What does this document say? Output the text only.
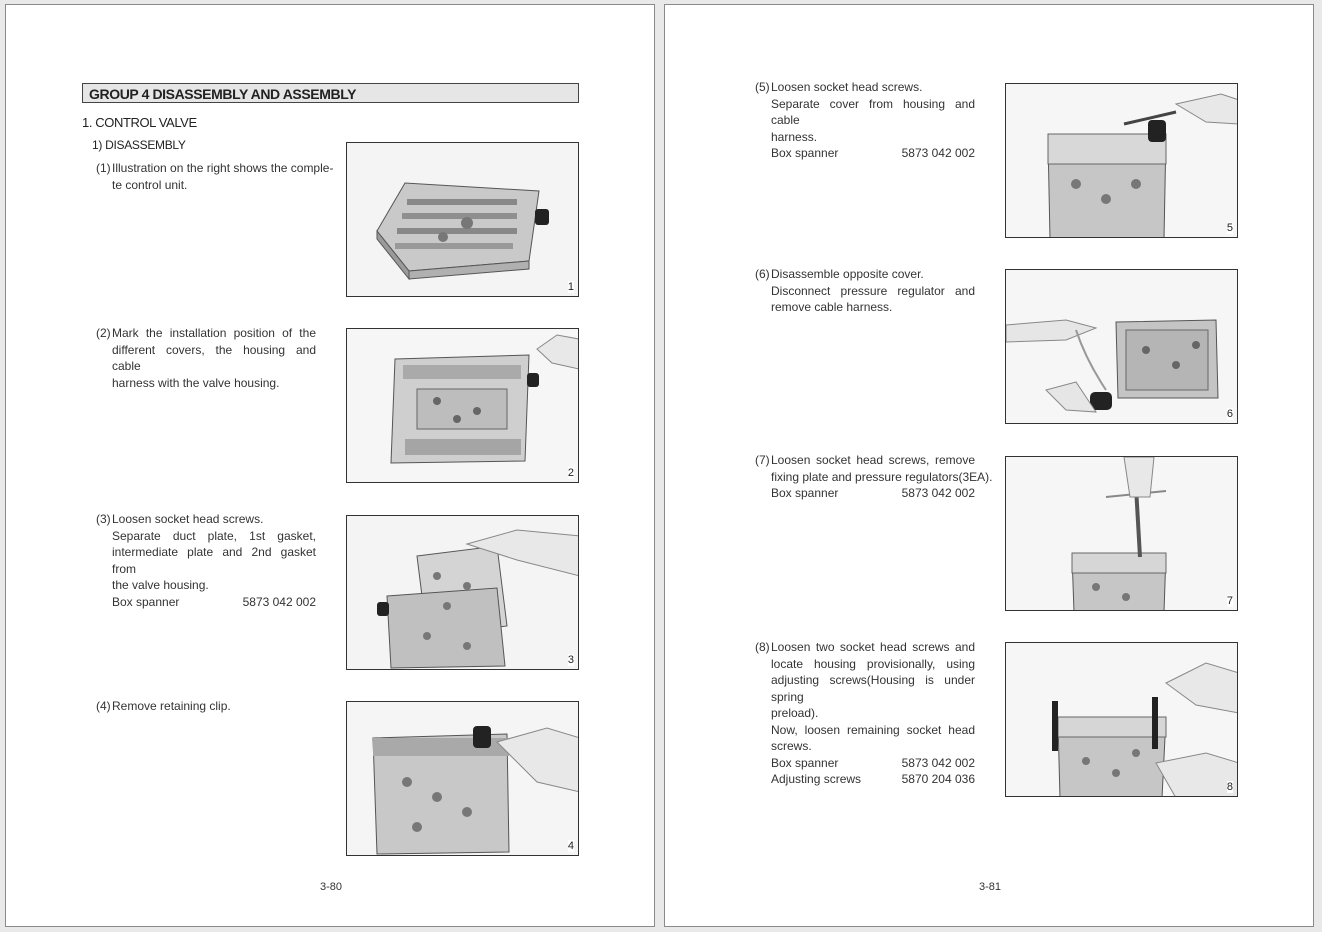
GROUP 4 DISASSEMBLY AND ASSEMBLY
1. CONTROL VALVE
1) DISASSEMBLY
(1) Illustration on the right shows the comple-
te control unit.
(2) Mark the installation position of the
different covers, the housing and cable
harness with the valve housing.
(3) Loosen socket head screws.
Separate duct plate, 1st gasket,
intermediate plate and 2nd gasket from
the valve housing.
Box spanner	5873 042 002
(4) Remove retaining clip.
1
2
3
4
3-80
(5) Loosen socket head screws.
Separate cover from housing and cable
harness.
Box spanner	5873 042 002
(6) Disassemble opposite cover.
Disconnect pressure regulator and
remove cable harness.
(7) Loosen socket head screws, remove
fixing plate and pressure regulators(3EA).
Box spanner	5873 042 002
(8) Loosen two socket head screws and
locate housing provisionally, using
adjusting screws(Housing is under spring
preload).
Now, loosen remaining socket head
screws.
Box spanner	5873 042 002
Adjusting screws	5870 204 036
5
6
7
8
3-81
